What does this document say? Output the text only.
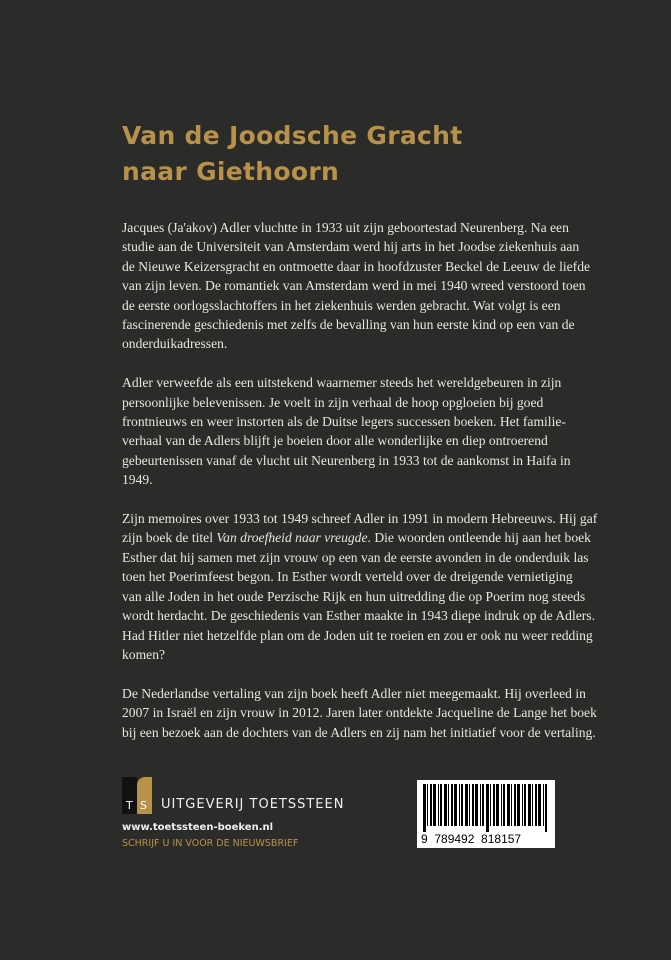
Van de Joodsche Gracht
naar Giethoorn

Jacques (Ja'akov) Adler vluchtte in 1933 uit zijn geboortestad Neurenberg. Na een
studie aan de Universiteit van Amsterdam werd hij arts in het Joodse ziekenhuis aan
de Nieuwe Keizersgracht en ontmoette daar in hoofdzuster Beckel de Leeuw de liefde
van zijn leven. De romantiek van Amsterdam werd in mei 1940 wreed verstoord toen
de eerste oorlogsslachtoffers in het ziekenhuis werden gebracht. Wat volgt is een
fascinerende geschiedenis met zelfs de bevalling van hun eerste kind op een van de
onderduikadressen.

Adler verweefde als een uitstekend waarnemer steeds het wereldgebeuren in zijn
persoonlijke belevenissen. Je voelt in zijn verhaal de hoop opgloeien bij goed
frontnieuws en weer instorten als de Duitse legers successen boeken. Het familie-
verhaal van de Adlers blijft je boeien door alle wonderlijke en diep ontroerend
gebeurtenissen vanaf de vlucht uit Neurenberg in 1933 tot de aankomst in Haifa in
1949.

Zijn memoires over 1933 tot 1949 schreef Adler in 1991 in modern Hebreeuws. Hij gaf
zijn boek de titel Van droefheid naar vreugde. Die woorden ontleende hij aan het boek
Esther dat hij samen met zijn vrouw op een van de eerste avonden in de onderduik las
toen het Poerimfeest begon. In Esther wordt verteld over de dreigende vernietiging
van alle Joden in het oude Perzische Rijk en hun uitredding die op Poerim nog steeds
wordt herdacht. De geschiedenis van Esther maakte in 1943 diepe indruk op de Adlers.
Had Hitler niet hetzelfde plan om de Joden uit te roeien en zou er ook nu weer redding
komen?

De Nederlandse vertaling van zijn boek heeft Adler niet meegemaakt. Hij overleed in
2007 in Israël en zijn vrouw in 2012. Jaren later ontdekte Jacqueline de Lange het boek
bij een bezoek aan de dochters van de Adlers en zij nam het initiatief voor de vertaling.

T S UITGEVERIJ TOETSSTEEN
www.toetssteen-boeken.nl
SCHRIJF U IN VOOR DE NIEUWSBRIEF	9  789492  818157
